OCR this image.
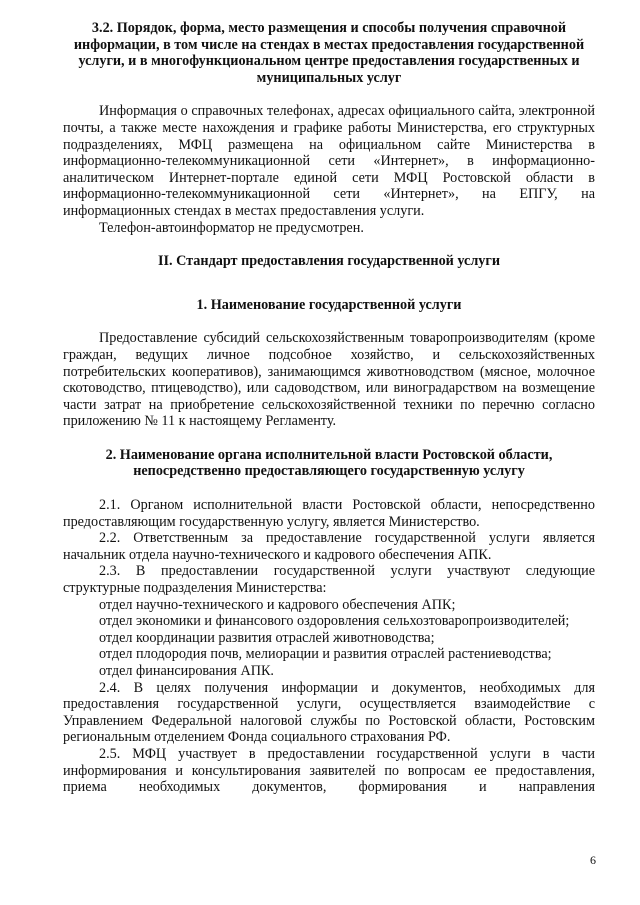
3.2. Порядок, форма, место размещения и способы получения справочной информации, в том числе на стендах в местах предоставления государственной услуги, и в многофункциональном центре предоставления государственных и муниципальных услуг

Информация о справочных телефонах, адресах официального сайта, электронной почты, а также месте нахождения и графике работы Министерства, его структурных подразделениях, МФЦ размещена на официальном сайте Министерства в информационно-телекоммуникационной сети «Интернет», в информационно-аналитическом Интернет-портале единой сети МФЦ Ростовской области в информационно-телекоммуникационной сети «Интернет», на ЕПГУ, на информационных стендах в местах предоставления услуги.

Телефон-автоинформатор не предусмотрен.

II. Стандарт предоставления государственной услуги
1. Наименование государственной услуги

Предоставление субсидий сельскохозяйственным товаропроизводителям (кроме граждан, ведущих личное подсобное хозяйство, и сельскохозяйственных потребительских кооперативов), занимающимся животноводством (мясное, молочное скотоводство, птицеводство), или садоводством, или виноградарством на возмещение части затрат на приобретение сельскохозяйственной техники по перечню согласно приложению № 11 к настоящему Регламенту.

2. Наименование органа исполнительной власти Ростовской области, непосредственно предоставляющего государственную услугу

2.1. Органом исполнительной власти Ростовской области, непосредственно предоставляющим государственную услугу, является Министерство.

2.2. Ответственным за предоставление государственной услуги является начальник отдела научно-технического и кадрового обеспечения АПК.

2.3. В предоставлении государственной услуги участвуют следующие структурные подразделения Министерства:

отдел научно-технического и кадрового обеспечения АПК;

отдел экономики и финансового оздоровления сельхозтоваропроизводителей;

отдел координации развития отраслей животноводства;

отдел плодородия почв, мелиорации и развития отраслей растениеводства;

отдел финансирования АПК.

2.4. В целях получения информации и документов, необходимых для предоставления государственной услуги, осуществляется взаимодействие с Управлением Федеральной налоговой службы по Ростовской области, Ростовским региональным отделением Фонда социального страхования РФ.

2.5. МФЦ участвует в предоставлении государственной услуги в части информирования и консультирования заявителей по вопросам ее предоставления, приема необходимых документов, формирования и направления

6
